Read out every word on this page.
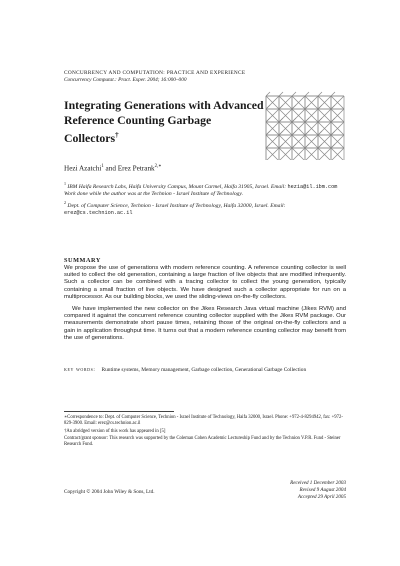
CONCURRENCY AND COMPUTATION: PRACTICE AND EXPERIENCE
Concurrency Computat.: Pract. Exper. 2004; 16:000–000
Integrating Generations with Advanced Reference Counting Garbage Collectors†
Hezi Azatchi$^1$ and Erez Petrank$^{2,∗}$
$^1$ IBM Haifa Research Labs, Haifa University Campus, Mount Carmel, Haifa 31905, Israel. Email: hezia@il.ibm.com Work done while the author was at the Technion - Israel Institute of Technology.
$^2$ Dept. of Computer Science, Technion - Israel Institute of Technology, Haifa 32000, Israel. Email: erez@cs.technion.ac.il
SUMMARY
We propose the use of generations with modern reference counting. A reference counting collector is well suited to collect the old generation, containing a large fraction of live objects that are modified infrequently. Such a collector can be combined with a tracing collector to collect the young generation, typically containing a small fraction of live objects. We have designed such a collector appropriate for run on a multiprocessor. As our building blocks, we used the sliding-views on-the-fly collectors.
We have implemented the new collector on the Jikes Research Java virtual machine (Jikes RVM) and compared it against the concurrent reference counting collector supplied with the Jikes RVM package. Our measurements demonstrate short pause times, retaining those of the original on-the-fly collectors and a gain in application throughput time. It turns out that a modern reference counting collector may benefit from the use of generations.
key words: Runtime systems, Memory management, Garbage collection, Generational Garbage Collection
∗Correspondence to: Dept. of Computer Science, Technion - Israel Institute of Technology, Haifa 32000, Israel. Phone: +972-4-8294942, fax: +972-829-3900. Email: erez@cs.technion.ac.il
†An abridged version of this work has appeared in [5]
Contract/grant sponsor: This research was supported by the Coleman Cohen Academic Lectureship Fund and by the Technion V.P.R. Fund - Steiner Research Fund.
Received 1 December 2003
Revised 9 August 2004
Accepted 29 April 2005
Copyright © 2004 John Wiley & Sons, Ltd.
